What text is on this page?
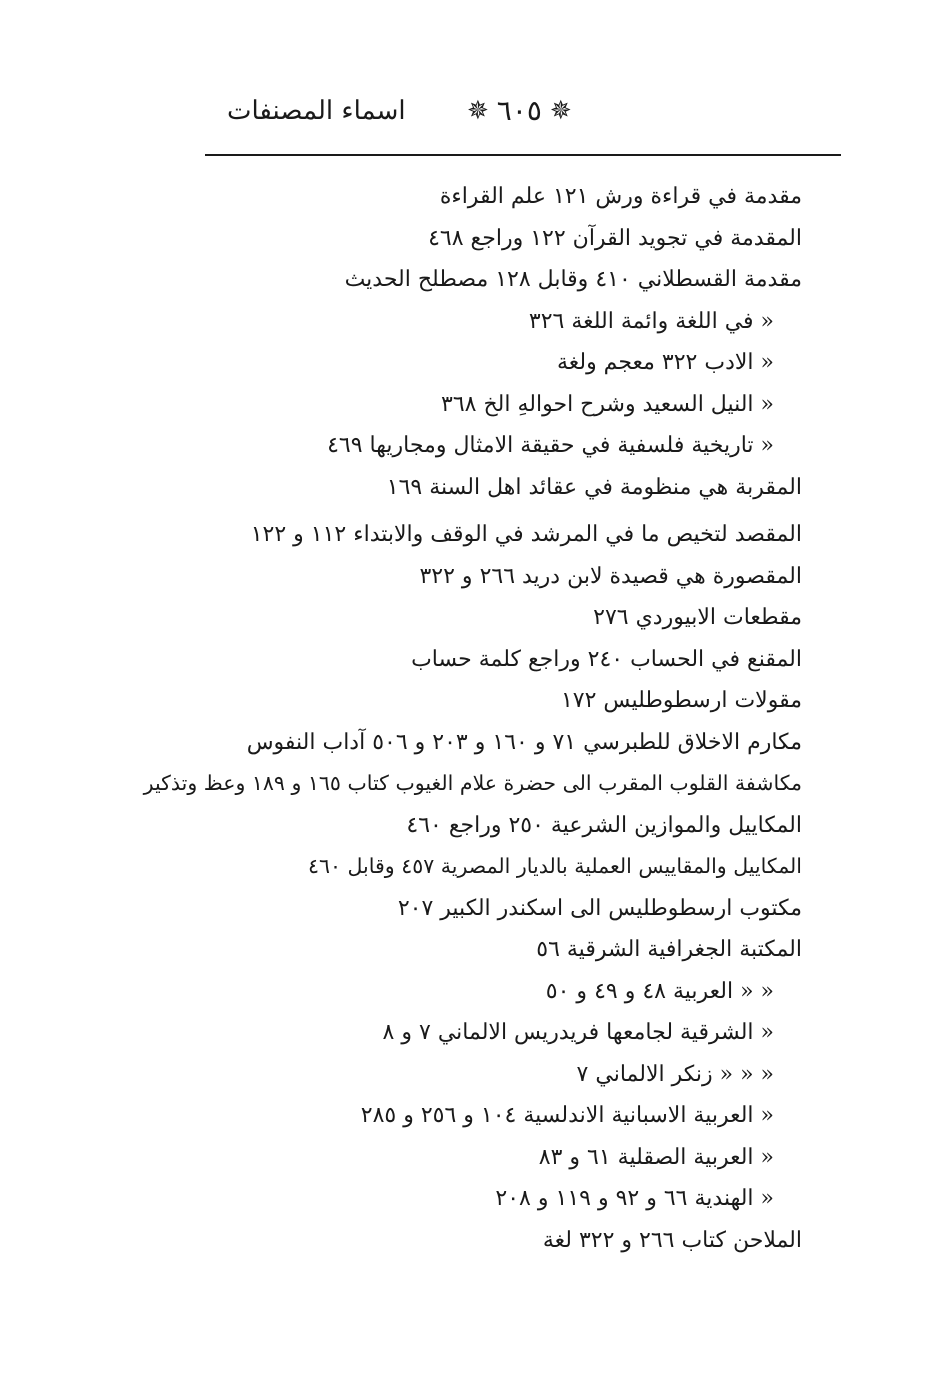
اسماء المصنفات ✵ ٦٠٥ ✵
مقدمة في قراءة ورش ١٢١ علم القراءة
المقدمة في تجويد القرآن ١٢٢ وراجع ٤٦٨
مقدمة القسطلاني ٤١٠ وقابل ١٢٨ مصطلح الحديث
« في اللغة وائمة اللغة ٣٢٦
« الادب ٣٢٢ معجم ولغة
« النيل السعيد وشرح احوالهِ الخ ٣٦٨
« تاريخية فلسفية في حقيقة الامثال ومجاريها ٤٦٩
المقربة هي منظومة في عقائد اهل السنة ١٦٩
المقصد لتخيص ما في المرشد في الوقف والابتداء ١١٢ و ١٢٢
المقصورة هي قصيدة لابن دريد ٢٦٦ و ٣٢٢
مقطعات الابيوردي ٢٧٦
المقنع في الحساب ٢٤٠ وراجع كلمة حساب
مقولات ارسطوطليس ١٧٢
مكارم الاخلاق للطبرسي ٧١ و ١٦٠ و ٢٠٣ و ٥٠٦ آداب النفوس
مكاشفة القلوب المقرب الى حضرة علام الغيوب كتاب ١٦٥ و ١٨٩ وعظ وتذكير
المكاييل والموازين الشرعية ٢٥٠ وراجع ٤٦٠
المكاييل والمقاييس العملية بالديار المصرية ٤٥٧ وقابل ٤٦٠
مكتوب ارسطوطليس الى اسكندر الكبير ٢٠٧
المكتبة الجغرافية الشرقية ٥٦
« « العربية ٤٨ و ٤٩ و ٥٠
« الشرقية لجامعها فريدريس الالماني ٧ و ٨
« « « زنكر الالماني ٧
« العربية الاسبانية الاندلسية ١٠٤ و ٢٥٦ و ٢٨٥
« العربية الصقلية ٦١ و ٨٣
« الهندية ٦٦ و ٩٢ و ١١٩ و ٢٠٨
الملاحن كتاب ٢٦٦ و ٣٢٢ لغة
